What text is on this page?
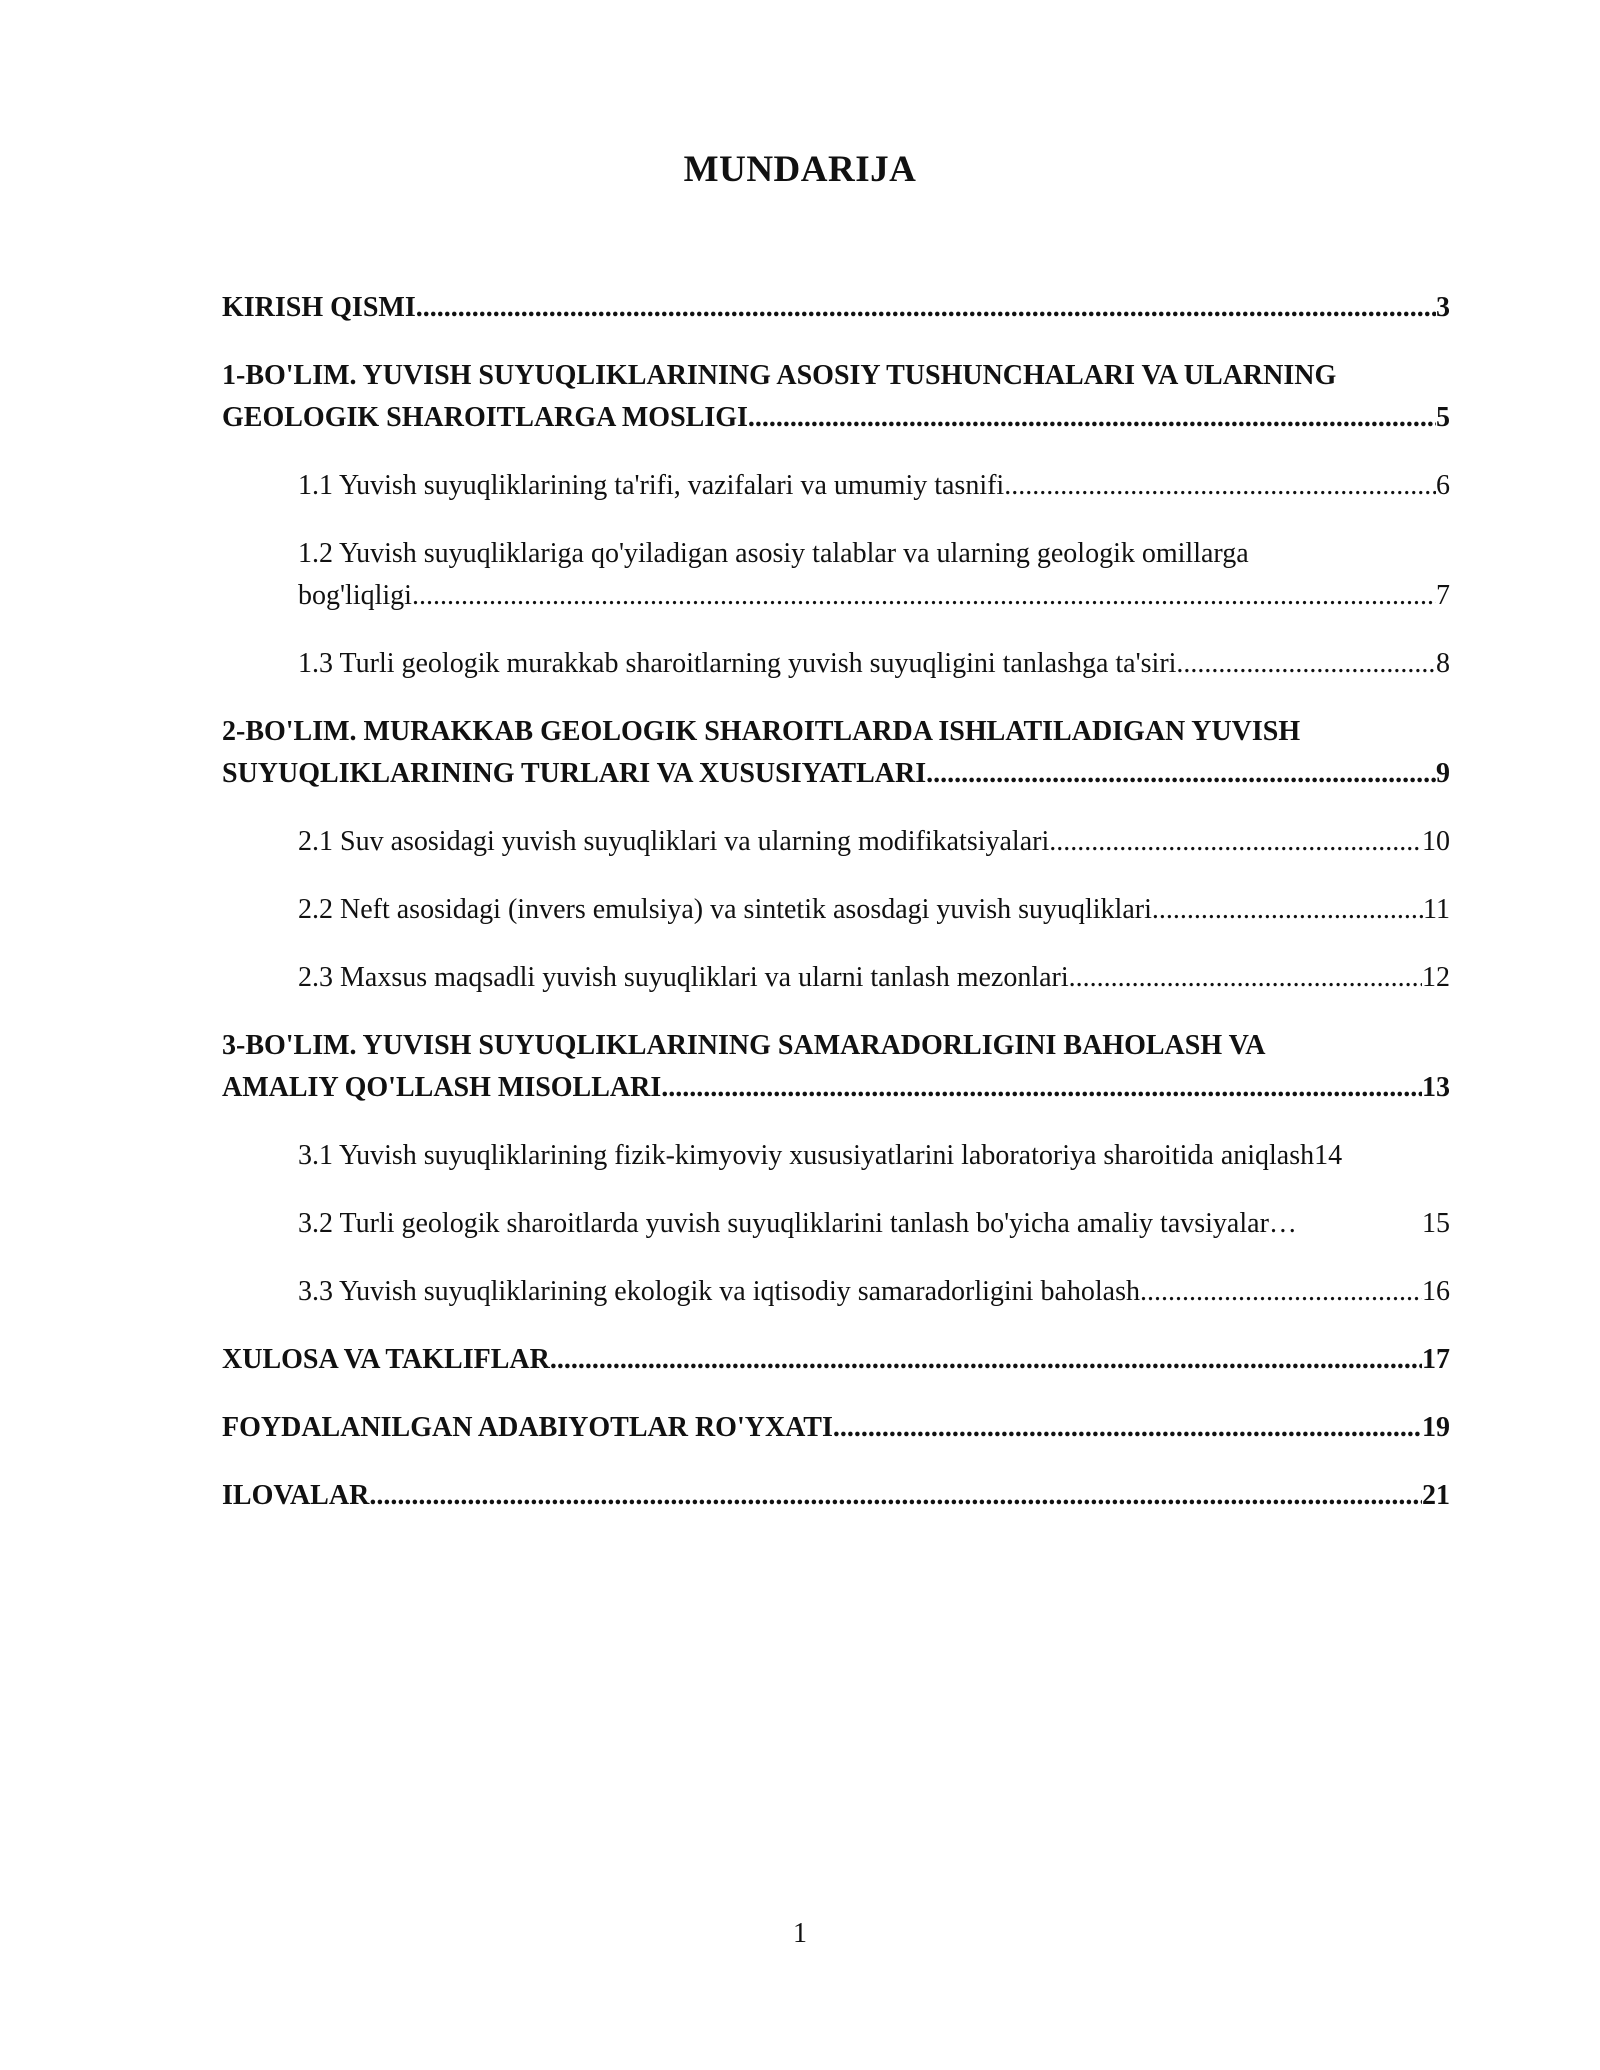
MUNDARIJA
KIRISH QISMI .....	3
1-BO'LIM. YUVISH SUYUQLIKLARINING ASOSIY TUSHUNCHALARI VA ULARNING
GEOLOGIK SHAROITLARGA MOSLIGI .....	5
1.1 Yuvish suyuqliklarining ta'rifi, vazifalari va umumiy tasnifi .....	6
1.2 Yuvish suyuqliklariga qo'yiladigan asosiy talablar va ularning geologik omillarga
bog'liqligi .....	7
1.3 Turli geologik murakkab sharoitlarning yuvish suyuqligini tanlashga ta'siri .....	8
2-BO'LIM. MURAKKAB GEOLOGIK SHAROITLARDA ISHLATILADIGAN YUVISH
SUYUQLIKLARINING TURLARI VA XUSUSIYATLARI .....	9
2.1 Suv asosidagi yuvish suyuqliklari va ularning modifikatsiyalari .....	10
2.2 Neft asosidagi (invers emulsiya) va sintetik asosdagi yuvish suyuqliklari .....	11
2.3 Maxsus maqsadli yuvish suyuqliklari va ularni tanlash mezonlari .....	12
3-BO'LIM. YUVISH SUYUQLIKLARINING SAMARADORLIGINI BAHOLASH VA
AMALIY QO'LLASH MISOLLARI .....	13
3.1 Yuvish suyuqliklarining fizik-kimyoviy xususiyatlarini laboratoriya sharoitida aniqlash 14
3.2 Turli geologik sharoitlarda yuvish suyuqliklarini tanlash bo'yicha amaliy tavsiyalar …	15
3.3 Yuvish suyuqliklarining ekologik va iqtisodiy samaradorligini baholash .....	16
XULOSA VA TAKLIFLAR .....	17
FOYDALANILGAN ADABIYOTLAR RO'YXATI .....	19
ILOVALAR .....	21
1
